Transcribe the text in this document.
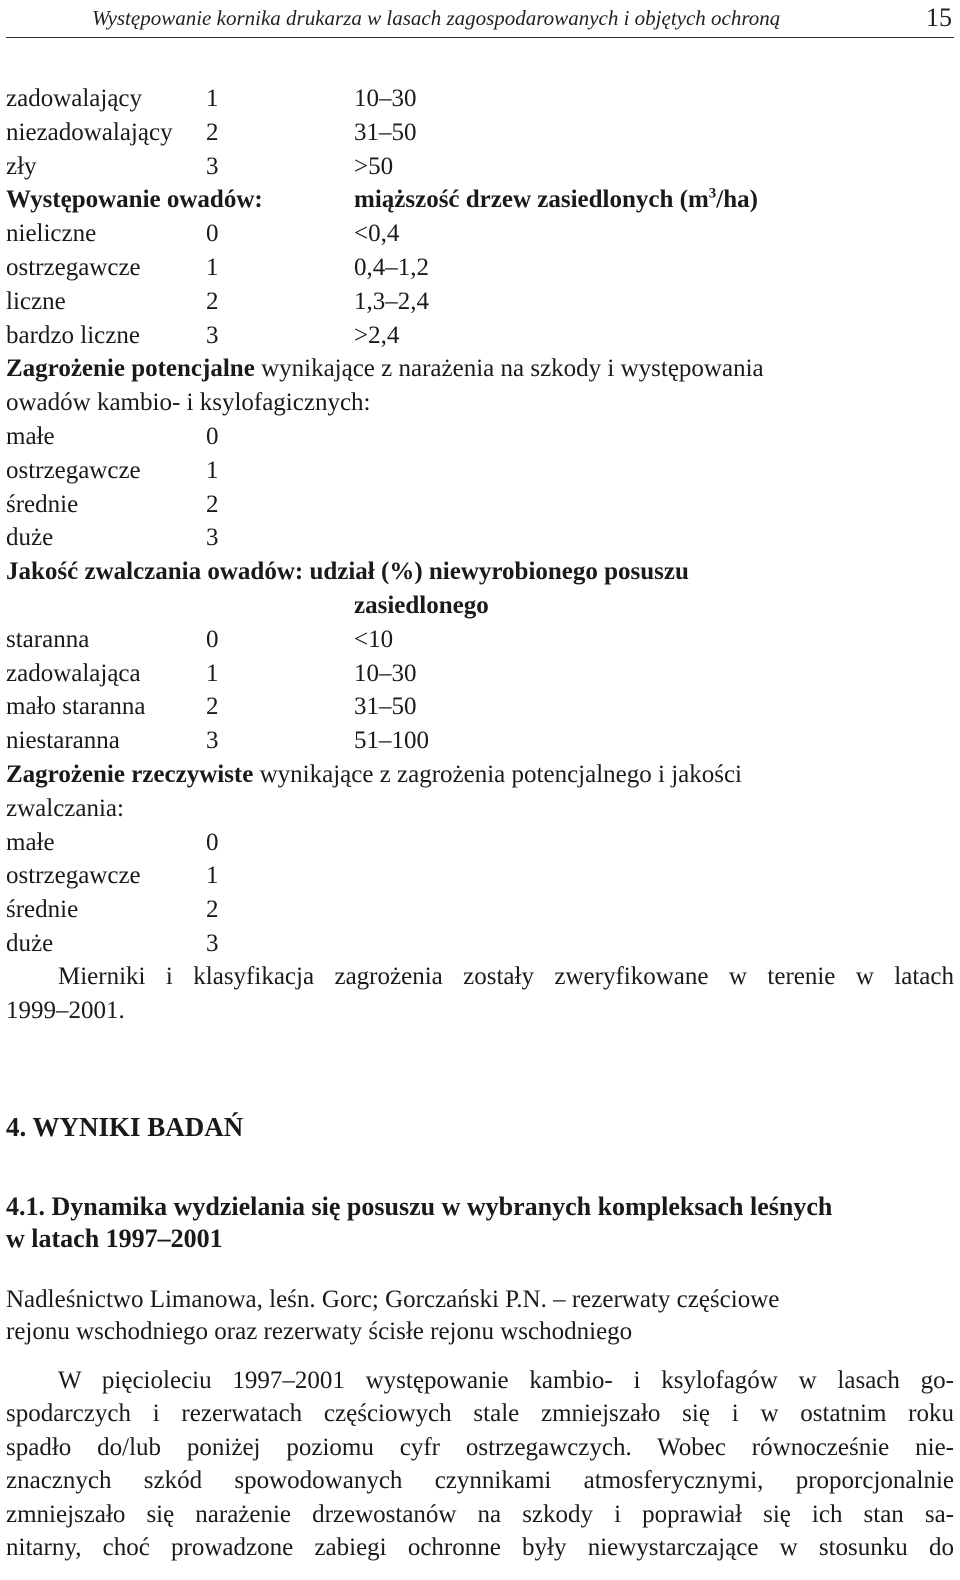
Występowanie kornika drukarza w lasach zagospodarowanych i objętych ochroną	15
zadowalający	1	10–30
niezadowalający 2	31–50
zły	3	>50
Występowanie owadów:	miąższość drzew zasiedlonych $(m^3/ha)$
nieliczne	0	<0,4
ostrzegawcze	1	0,4–1,2
liczne	2	1,3–2,4
bardzo liczne	3	>2,4
Zagrożenie potencjalne wynikające z narażenia na szkody i występowania
owadów kambio- i ksylofagicznych:
małe	0
ostrzegawcze	1
średnie	2
duże	3
Jakość zwalczania owadów: udział (%) niewyrobionego posuszu
zasiedlonego
staranna	0	<10
zadowalająca	1	10–30
mało staranna 2	31–50
niestaranna	3	51–100
Zagrożenie rzeczywiste wynikające z zagrożenia potencjalnego i jakości
zwalczania:
małe	0
ostrzegawcze	1
średnie	2
duże	3
Mierniki i klasyfikacja zagrożenia zostały zweryfikowane w terenie w latach
1999–2001.
4. WYNIKI BADAŃ
4.1. Dynamika wydzielania się posuszu w wybranych kompleksach leśnych
w latach 1997–2001
Nadleśnictwo Limanowa, leśn. Gorc; Gorczański P.N. – rezerwaty częściowe
rejonu wschodniego oraz rezerwaty ścisłe rejonu wschodniego
W pięcioleciu 1997–2001 występowanie kambio- i ksylofagów w lasach go-
spodarczych i rezerwatach częściowych stale zmniejszało się i w ostatnim roku
spadło do/lub poniżej poziomu cyfr ostrzegawczych. Wobec równocześnie nie-
znacznych szkód spowodowanych czynnikami atmosferycznymi, proporcjonalnie
zmniejszało się narażenie drzewostanów na szkody i poprawiał się ich stan sa-
nitarny, choć prowadzone zabiegi ochronne były niewystarczające w stosunku do
